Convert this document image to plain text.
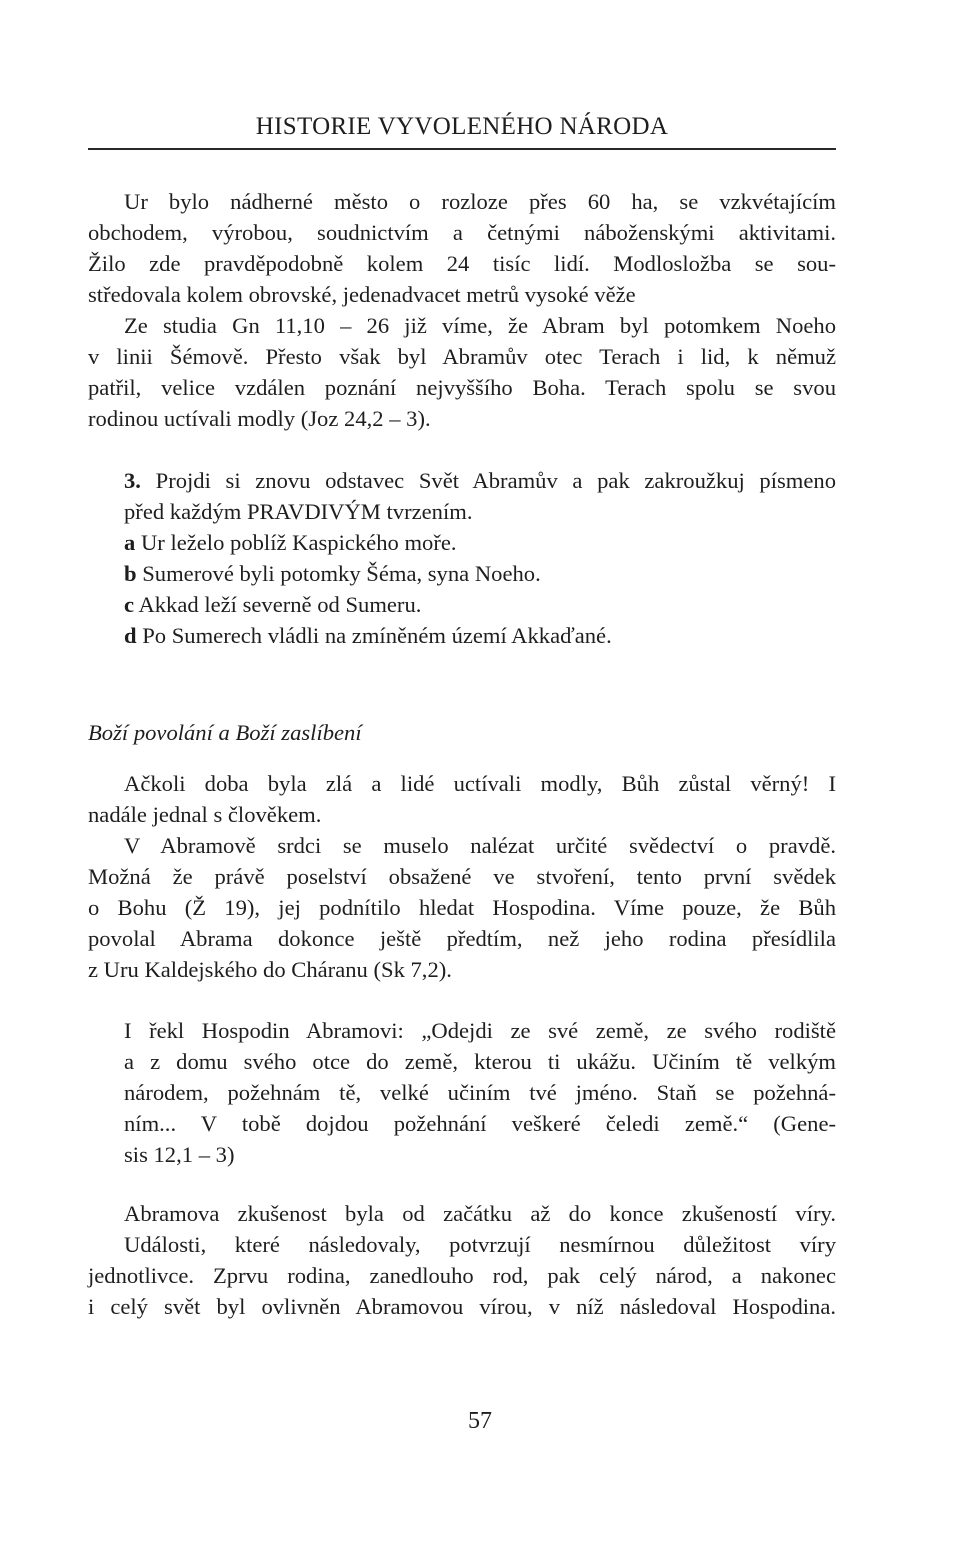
HISTORIE VYVOLENÉHO NÁRODA
Ur bylo nádherné město o rozloze přes 60 ha, se vzkvétajícím
obchodem, výrobou, soudnictvím a četnými náboženskými aktivitami.
Žilo zde pravděpodobně kolem 24 tisíc lidí. Modlosložba se sou-
středovala kolem obrovské, jedenadvacet metrů vysoké věže
Ze studia Gn 11,10 – 26 již víme, že Abram byl potomkem Noeho
v linii Šémově. Přesto však byl Abramův otec Terach i lid, k němuž
patřil, velice vzdálen poznání nejvyššího Boha. Terach spolu se svou
rodinou uctívali modly (Joz 24,2 – 3).
3. Projdi si znovu odstavec Svět Abramův a pak zakroužkuj písmeno
před každým PRAVDIVÝM tvrzením.
a Ur leželo poblíž Kaspického moře.
b Sumerové byli potomky Šéma, syna Noeho.
c Akkad leží severně od Sumeru.
d Po Sumerech vládli na zmíněném území Akkaďané.
Boží povolání a Boží zaslíbení
Ačkoli doba byla zlá a lidé uctívali modly, Bůh zůstal věrný! I
nadále jednal s člověkem.
V Abramově srdci se muselo nalézat určité svědectví o pravdě.
Možná že právě poselství obsažené ve stvoření, tento první svědek
o Bohu (Ž 19), jej podnítilo hledat Hospodina. Víme pouze, že Bůh
povolal Abrama dokonce ještě předtím, než jeho rodina přesídlila
z Uru Kaldejského do Cháranu (Sk 7,2).
I řekl Hospodin Abramovi: „Odejdi ze své země, ze svého rodiště
a z domu svého otce do země, kterou ti ukážu. Učiním tě velkým
národem, požehnám tě, velké učiním tvé jméno. Staň se požehná-
ním... V tobě dojdou požehnání veškeré čeledi země.“ (Gene-
sis 12,1 – 3)
Abramova zkušenost byla od začátku až do konce zkušeností víry.
Události, které následovaly, potvrzují nesmírnou důležitost víry
jednotlivce. Zprvu rodina, zanedlouho rod, pak celý národ, a nakonec
i celý svět byl ovlivněn Abramovou vírou, v níž následoval Hospodina.
57
